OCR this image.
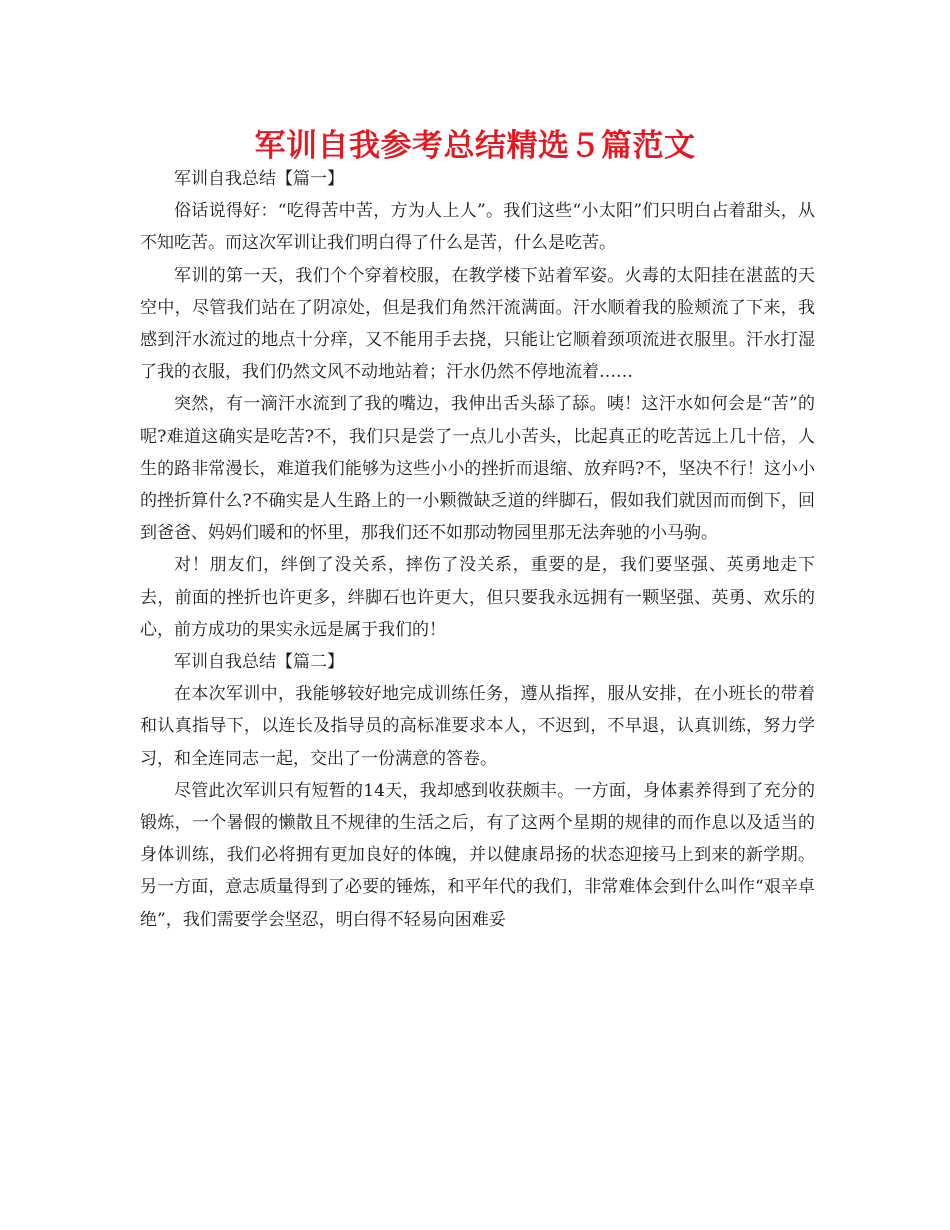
军训自我参考总结精选５篇范文

军训自我总结【篇一】

俗话说得好：“吃得苦中苦，方为人上人”。我们这些“小太阳”们只明白占着甜头，从不知吃苦。而这次军训让我们明白得了什么是苦，什么是吃苦。

军训的第一天，我们个个穿着校服，在教学楼下站着军姿。火毒的太阳挂在湛蓝的天空中，尽管我们站在了阴凉处，但是我们角然汗流满面。汗水顺着我的脸颊流了下来，我感到汗水流过的地点十分痒，又不能用手去挠，只能让它顺着颈项流进衣服里。汗水打湿了我的衣服，我们仍然文风不动地站着；汗水仍然不停地流着……

突然，有一滴汗水流到了我的嘴边，我伸出舌头舔了舔。咦！这汗水如何会是“苦”的呢?难道这确实是吃苦?不，我们只是尝了一点儿小苦头，比起真正的吃苦远上几十倍，人生的路非常漫长，难道我们能够为这些小小的挫折而退缩、放弃吗?不，坚决不行！这小小的挫折算什么?不确实是人生路上的一小颗微缺乏道的绊脚石，假如我们就因而而倒下，回到爸爸、妈妈们暖和的怀里，那我们还不如那动物园里那无法奔驰的小马驹。

对！朋友们，绊倒了没关系，摔伤了没关系，重要的是，我们要坚强、英勇地走下去，前面的挫折也许更多，绊脚石也许更大，但只要我永远拥有一颗坚强、英勇、欢乐的心，前方成功的果实永远是属于我们的！

军训自我总结【篇二】

在本次军训中，我能够较好地完成训练任务，遵从指挥，服从安排，在小班长的带着和认真指导下，以连长及指导员的高标准要求本人，不迟到，不早退，认真训练，努力学习，和全连同志一起，交出了一份满意的答卷。

尽管此次军训只有短暂的14天，我却感到收获颇丰。一方面，身体素养得到了充分的锻炼，一个暑假的懒散且不规律的生活之后，有了这两个星期的规律的而作息以及适当的身体训练，我们必将拥有更加良好的体魄，并以健康昂扬的状态迎接马上到来的新学期。另一方面，意志质量得到了必要的锤炼，和平年代的我们，非常难体会到什么叫作“艰辛卓绝”，我们需要学会坚忍，明白得不轻易向困难妥
